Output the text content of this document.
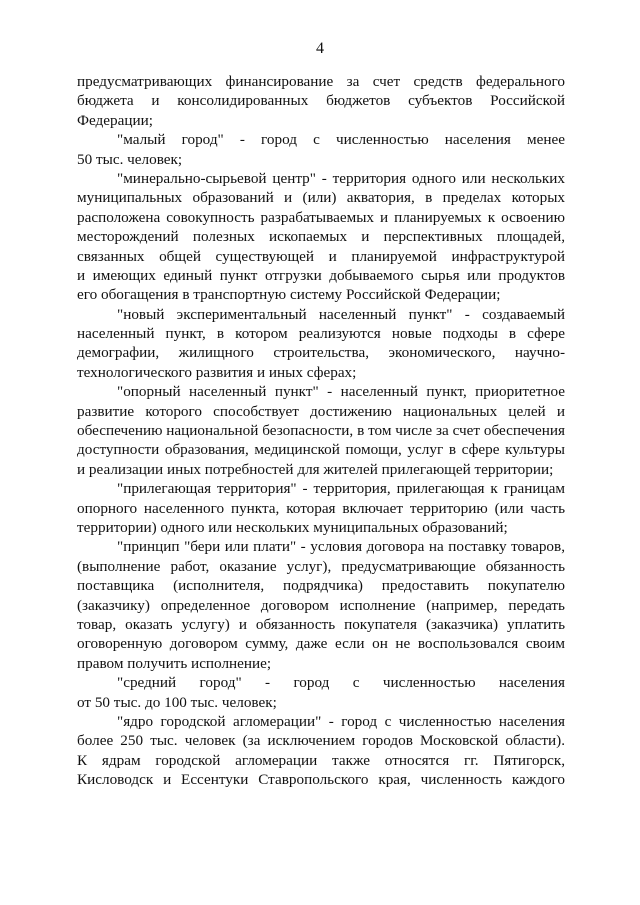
4
предусматривающих финансирование за счет средств федерального
бюджета и консолидированных бюджетов субъектов Российской
Федерации;
"малый город" - город с численностью населения менее
50 тыс. человек;
"минерально-сырьевой центр" - территория одного или нескольких
муниципальных образований и (или) акватория, в пределах которых
расположена совокупность разрабатываемых и планируемых к освоению
месторождений полезных ископаемых и перспективных площадей,
связанных общей существующей и планируемой инфраструктурой
и имеющих единый пункт отгрузки добываемого сырья или продуктов
его обогащения в транспортную систему Российской Федерации;
"новый экспериментальный населенный пункт" - создаваемый
населенный пункт, в котором реализуются новые подходы в сфере
демографии, жилищного строительства, экономического, научно-
технологического развития и иных сферах;
"опорный населенный пункт" - населенный пункт, приоритетное
развитие которого способствует достижению национальных целей и
обеспечению национальной безопасности, в том числе за счет обеспечения
доступности образования, медицинской помощи, услуг в сфере культуры
и реализации иных потребностей для жителей прилегающей территории;
"прилегающая территория" - территория, прилегающая к границам
опорного населенного пункта, которая включает территорию (или часть
территории) одного или нескольких муниципальных образований;
"принцип "бери или плати" - условия договора на поставку товаров,
(выполнение работ, оказание услуг), предусматривающие обязанность
поставщика (исполнителя, подрядчика) предоставить покупателю
(заказчику) определенное договором исполнение (например, передать
товар, оказать услугу) и обязанность покупателя (заказчика) уплатить
оговоренную договором сумму, даже если он не воспользовался своим
правом получить исполнение;
"средний город" - город с численностью населения
от 50 тыс. до 100 тыс. человек;
"ядро городской агломерации" - город с численностью населения
более 250 тыс. человек (за исключением городов Московской области).
К ядрам городской агломерации также относятся гг. Пятигорск,
Кисловодск и Ессентуки Ставропольского края, численность каждого
